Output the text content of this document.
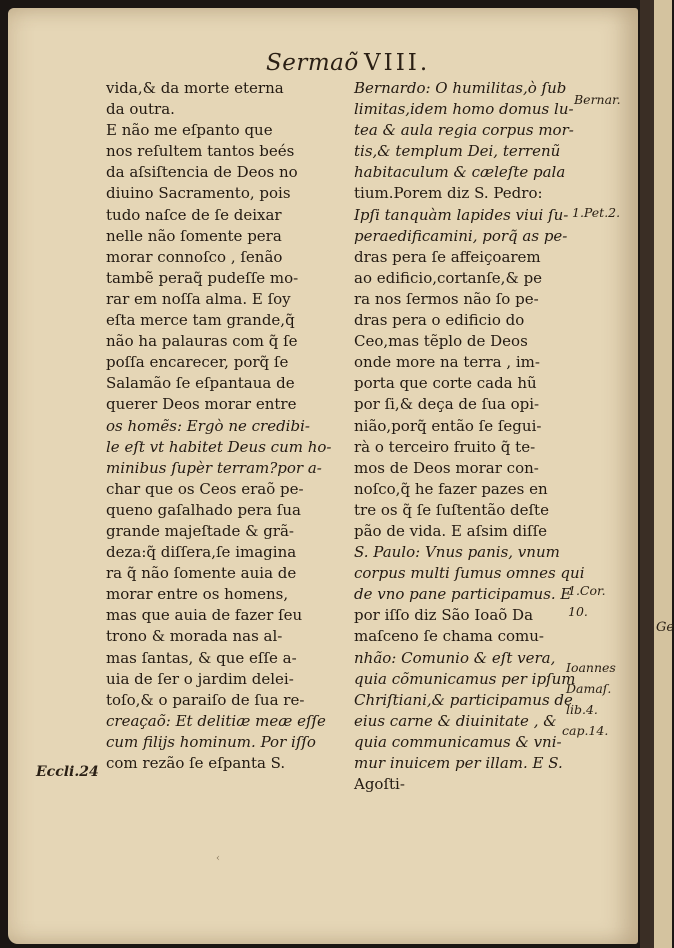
Ge
Sermaõ VIII.
vida,& da morte eterna
da outra.
E não me eſpanto que
nos reſultem tantos beés
da aſsiſtencia de Deos no
diuino Sacramento, pois
tudo naſce de ſe deixar
nelle não ſomente pera
morar connoſco , ſenão
tambẽ peraq̃ pudeſſe mo-
rar em noſſa alma. E ſoy
eſta merce tam grande,q̃
não ha palauras com q̃ ſe
poſſa encarecer, porq̃ ſe
Salamão ſe eſpantaua de
querer Deos morar entre
os homẽs: Ergò ne credibi-
le eſt vt habitet Deus cum ho-
minibus ſupèr terram?por a-
char que os Ceos eraõ pe-
queno gaſalhado pera ſua
grande majeſtade & grã-
deza:q̃ diſſera,ſe imagina
ra q̃ não ſomente auia de
morar entre os homens,
mas que auia de fazer ſeu
trono & morada nas al-
mas ſantas, & que eſſe a-
uia de ſer o jardim delei-
toſo,& o paraiſo de ſua re-
creaçaõ: Et delitiæ meæ eſſe
cum filijs hominum. Por iſſo
com rezão ſe eſpanta S.
Bernardo: O humilitas,ò ſub
limitas,idem homo domus lu-
tea & aula regia corpus mor-
tis,& templum Dei, terrenũ
habitaculum & cæleſte pala
tium.Porem diz S. Pedro:
Ipſi tanquàm lapides viui ſu-
peraedificamini, porq̃ as pe-
dras pera ſe affeiçoarem
ao edificio,cortanſe,& pe
ra nos ſermos não ſo pe-
dras pera o edificio do
Ceo,mas tẽplo de Deos
onde more na terra , im-
porta que corte cada hũ
por ſi,& deça de ſua opi-
nião,porq̃ então ſe ſegui-
rà o terceiro fruito q̃ te-
mos de Deos morar con-
noſco,q̃ he fazer pazes en
tre os q̃ ſe ſuſtentão deſte
pão de vida. E aſsim diſſe
S. Paulo: Vnus panis, vnum
corpus multi ſumus omnes qui
de vno pane participamus. E
por iſſo diz São Ioaõ Da
maſceno ſe chama comu-
nhão: Comunio & eſt vera,
quia cõmunicamus per ipſum
Chriſtiani,& participamus de
eius carne & diuinitate , &
quia communicamus & vni-
mur inuicem per illam. E S.
Agoſti-
Bernar.
1.Pet.2.
1.Cor.
10.
Ioannes
Damaſ.
lib.4.
cap.14.
Eccli.24
‹
